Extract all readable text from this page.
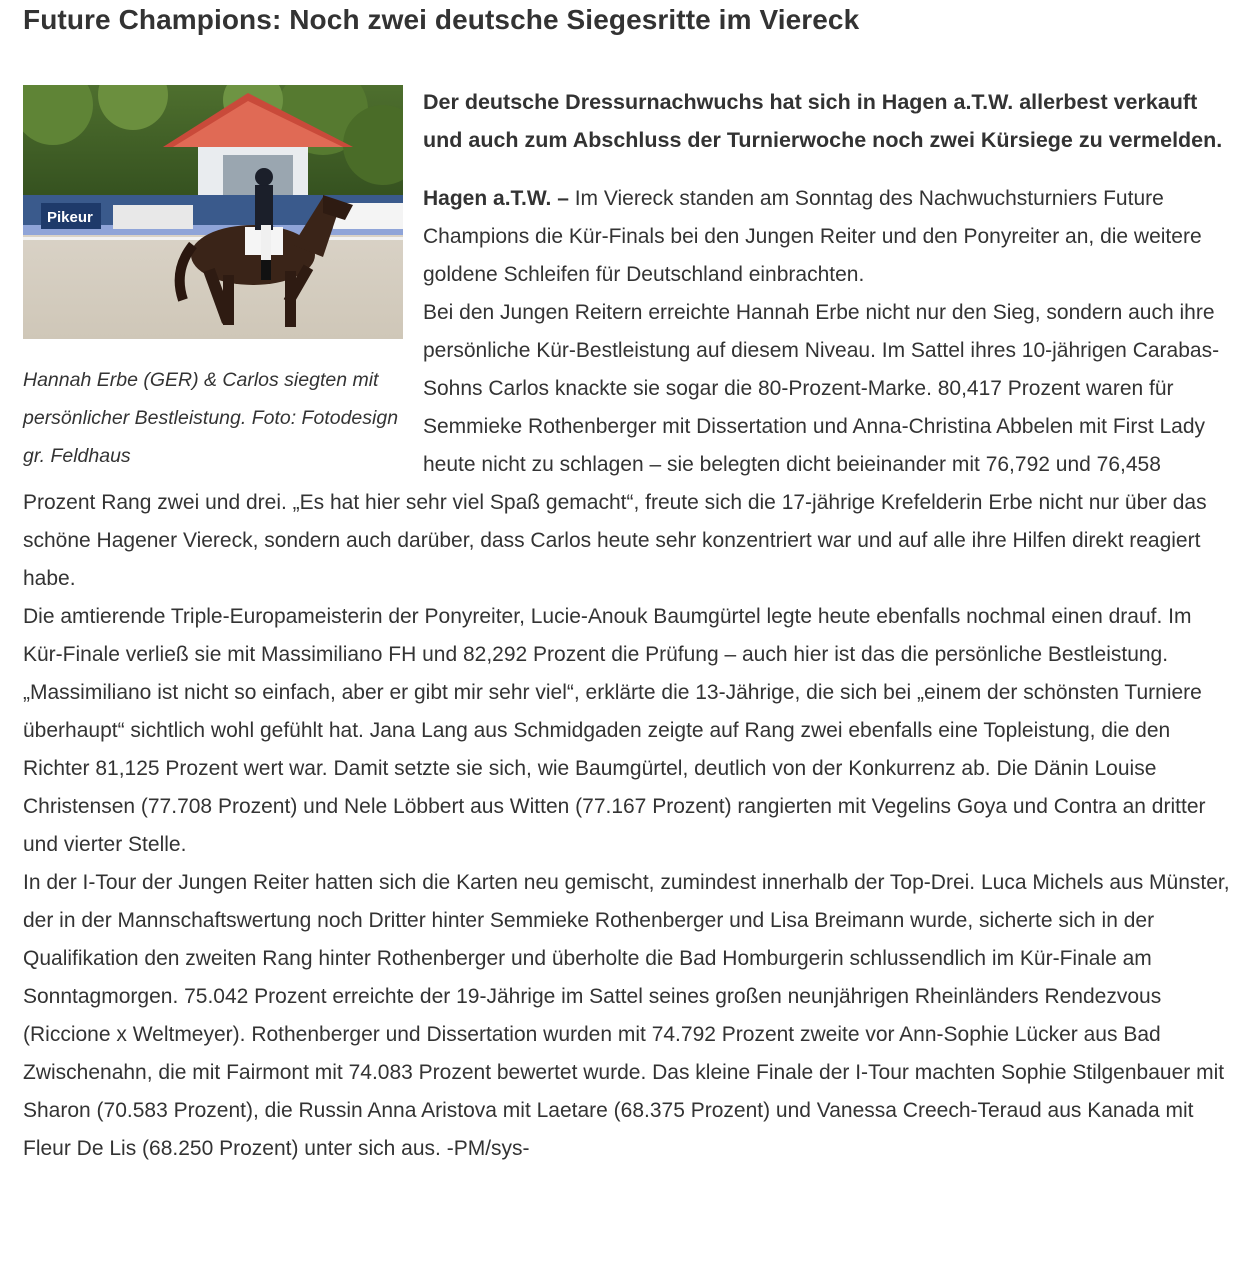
Future Champions: Noch zwei deutsche Siegesritte im Viereck
Pikeur
Hannah Erbe (GER) & Carlos siegten mit persönlicher Bestleistung. Foto: Fotodesign gr. Feldhaus

Der deutsche Dressurnachwuchs hat sich in Hagen a.T.W. allerbest verkauft und auch zum Abschluss der Turnierwoche noch zwei Kürsiege zu vermelden.

Hagen a.T.W. – Im Viereck standen am Sonntag des Nachwuchsturniers Future Champions die Kür-Finals bei den Jungen Reiter und den Ponyreiter an, die weitere goldene Schleifen für Deutschland einbrachten.
Bei den Jungen Reitern erreichte Hannah Erbe nicht nur den Sieg, sondern auch ihre persönliche Kür-Bestleistung auf diesem Niveau. Im Sattel ihres 10-jährigen Carabas-Sohns Carlos knackte sie sogar die 80-Prozent-Marke. 80,417 Prozent waren für Semmieke Rothenberger mit Dissertation und Anna-Christina Abbelen mit First Lady heute nicht zu schlagen – sie belegten dicht beieinander mit 76,792 und 76,458 Prozent Rang zwei und drei. „Es hat hier sehr viel Spaß gemacht“, freute sich die 17-jährige Krefelderin Erbe nicht nur über das schöne Hagener Viereck, sondern auch darüber, dass Carlos heute sehr konzentriert war und auf alle ihre Hilfen direkt reagiert habe.
Die amtierende Triple-Europameisterin der Ponyreiter, Lucie-Anouk Baumgürtel legte heute ebenfalls nochmal einen drauf. Im Kür-Finale verließ sie mit Massimiliano FH und 82,292 Prozent die Prüfung – auch hier ist das die persönliche Bestleistung. „Massimiliano ist nicht so einfach, aber er gibt mir sehr viel“, erklärte die 13-Jährige, die sich bei „einem der schönsten Turniere überhaupt“ sichtlich wohl gefühlt hat. Jana Lang aus Schmidgaden zeigte auf Rang zwei ebenfalls eine Topleistung, die den Richter 81,125 Prozent wert war. Damit setzte sie sich, wie Baumgürtel, deutlich von der Konkurrenz ab. Die Dänin Louise Christensen (77.708 Prozent) und Nele Löbbert aus Witten (77.167 Prozent) rangierten mit Vegelins Goya und Contra an dritter und vierter Stelle.
In der I-Tour der Jungen Reiter hatten sich die Karten neu gemischt, zumindest innerhalb der Top-Drei. Luca Michels aus Münster, der in der Mannschaftswertung noch Dritter hinter Semmieke Rothenberger und Lisa Breimann wurde, sicherte sich in der Qualifikation den zweiten Rang hinter Rothenberger und überholte die Bad Homburgerin schlussendlich im Kür-Finale am Sonntagmorgen. 75.042 Prozent erreichte der 19-Jährige im Sattel seines großen neunjährigen Rheinländers Rendezvous (Riccione x Weltmeyer). Rothenberger und Dissertation wurden mit 74.792 Prozent zweite vor Ann-Sophie Lücker aus Bad Zwischenahn, die mit Fairmont mit 74.083 Prozent bewertet wurde. Das kleine Finale der I-Tour machten Sophie Stilgenbauer mit Sharon (70.583 Prozent), die Russin Anna Aristova mit Laetare (68.375 Prozent) und Vanessa Creech-Teraud aus Kanada mit Fleur De Lis (68.250 Prozent) unter sich aus. -PM/sys-
